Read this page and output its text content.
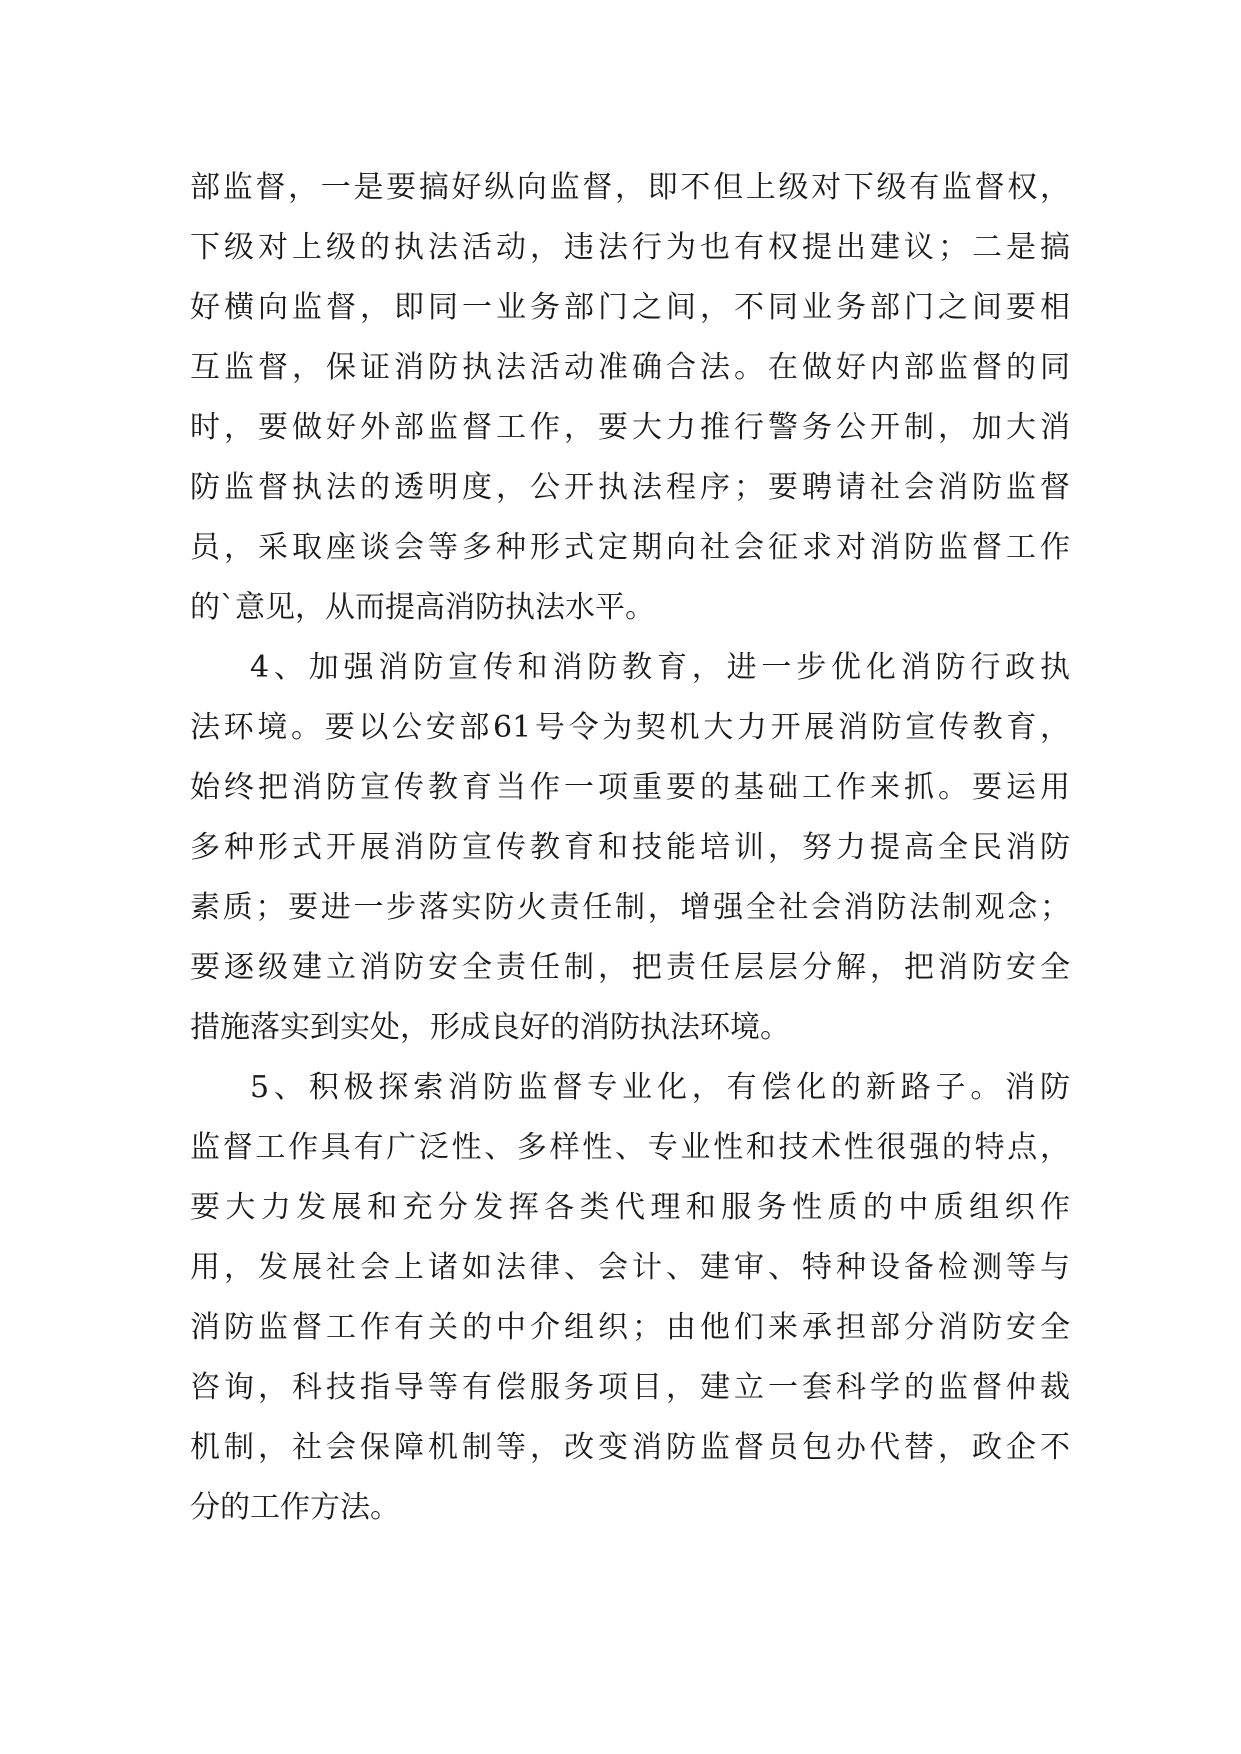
部监督，一是要搞好纵向监督，即不但上级对下级有监督权，
下级对上级的执法活动，违法行为也有权提出建议；二是搞
好横向监督，即同一业务部门之间，不同业务部门之间要相
互监督，保证消防执法活动准确合法。在做好内部监督的同
时，要做好外部监督工作，要大力推行警务公开制，加大消
防监督执法的透明度，公开执法程序；要聘请社会消防监督
员，采取座谈会等多种形式定期向社会征求对消防监督工作
的`意见，从而提高消防执法水平。
4、加强消防宣传和消防教育，进一步优化消防行政执
法环境。要以公安部61号令为契机大力开展消防宣传教育，
始终把消防宣传教育当作一项重要的基础工作来抓。要运用
多种形式开展消防宣传教育和技能培训，努力提高全民消防
素质；要进一步落实防火责任制，增强全社会消防法制观念；
要逐级建立消防安全责任制，把责任层层分解，把消防安全
措施落实到实处，形成良好的消防执法环境。
5、积极探索消防监督专业化，有偿化的新路子。消防
监督工作具有广泛性、多样性、专业性和技术性很强的特点，
要大力发展和充分发挥各类代理和服务性质的中质组织作
用，发展社会上诸如法律、会计、建审、特种设备检测等与
消防监督工作有关的中介组织；由他们来承担部分消防安全
咨询，科技指导等有偿服务项目，建立一套科学的监督仲裁
机制，社会保障机制等，改变消防监督员包办代替，政企不
分的工作方法。
